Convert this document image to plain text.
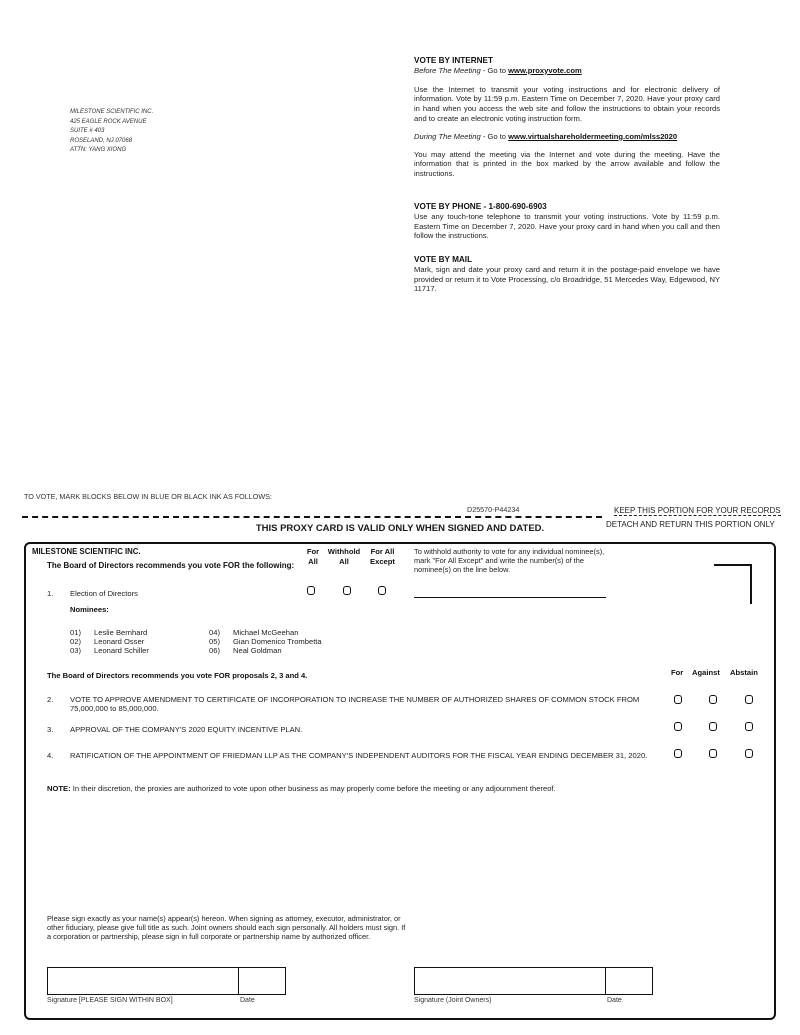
MILESTONE SCIENTIFIC INC.
425 EAGLE ROCK AVENUE
SUITE # 403
ROSELAND, NJ 07068
ATTN: YANG XIONG
VOTE BY INTERNET
Before The Meeting - Go to www.proxyvote.com

Use the Internet to transmit your voting instructions and for electronic delivery of information. Vote by 11:59 p.m. Eastern Time on December 7, 2020. Have your proxy card in hand when you access the web site and follow the instructions to obtain your records and to create an electronic voting instruction form.

During The Meeting - Go to www.virtualshareholdermeeting.com/mlss2020

You may attend the meeting via the Internet and vote during the meeting. Have the information that is printed in the box marked by the arrow available and follow the instructions.

VOTE BY PHONE - 1-800-690-6903

Use any touch-tone telephone to transmit your voting instructions. Vote by 11:59 p.m. Eastern Time on December 7, 2020. Have your proxy card in hand when you call and then follow the instructions.

VOTE BY MAIL

Mark, sign and date your proxy card and return it in the postage-paid envelope we have provided or return it to Vote Processing, c/o Broadridge, 51 Mercedes Way, Edgewood, NY 11717.

TO VOTE, MARK BLOCKS BELOW IN BLUE OR BLACK INK AS FOLLOWS:
D25570-P44234	KEEP THIS PORTION FOR YOUR RECORDS
DETACH AND RETURN THIS PORTION ONLY
THIS PROXY CARD IS VALID ONLY WHEN SIGNED AND DATED.
MILESTONE SCIENTIFIC INC.
The Board of Directors recommends you vote FOR the following:
For
All
Withhold
All
For All
Except
To withhold authority to vote for any individual nominee(s), mark "For All Except" and write the number(s) of the nominee(s) on the line below.
1. Election of Directors
Nominees:
01) Leslie Bernhard
02) Leonard Osser
03) Leonard Schiller
04) Michael McGeehan
05) Gian Domenico Trombetta
06) Neal Goldman
The Board of Directors recommends you vote FOR proposals 2, 3 and 4.	For Against Abstain
2. VOTE TO APPROVE AMENDMENT TO CERTIFICATE OF INCORPORATION TO INCREASE THE NUMBER OF AUTHORIZED SHARES OF COMMON STOCK FROM 75,000,000 to 85,000,000.
3. APPROVAL OF THE COMPANY'S 2020 EQUITY INCENTIVE PLAN.
4. RATIFICATION OF THE APPOINTMENT OF FRIEDMAN LLP AS THE COMPANY'S INDEPENDENT AUDITORS FOR THE FISCAL YEAR ENDING DECEMBER 31, 2020.
NOTE: In their discretion, the proxies are authorized to vote upon other business as may properly come before the meeting or any adjournment thereof.
Please sign exactly as your name(s) appear(s) hereon. When signing as attorney, executor, administrator, or other fiduciary, please give full title as such. Joint owners should each sign personally. All holders must sign. If a corporation or partnership, please sign in full corporate or partnership name by authorized officer.
Signature [PLEASE SIGN WITHIN BOX]	Date	Signature (Joint Owners)	Date
